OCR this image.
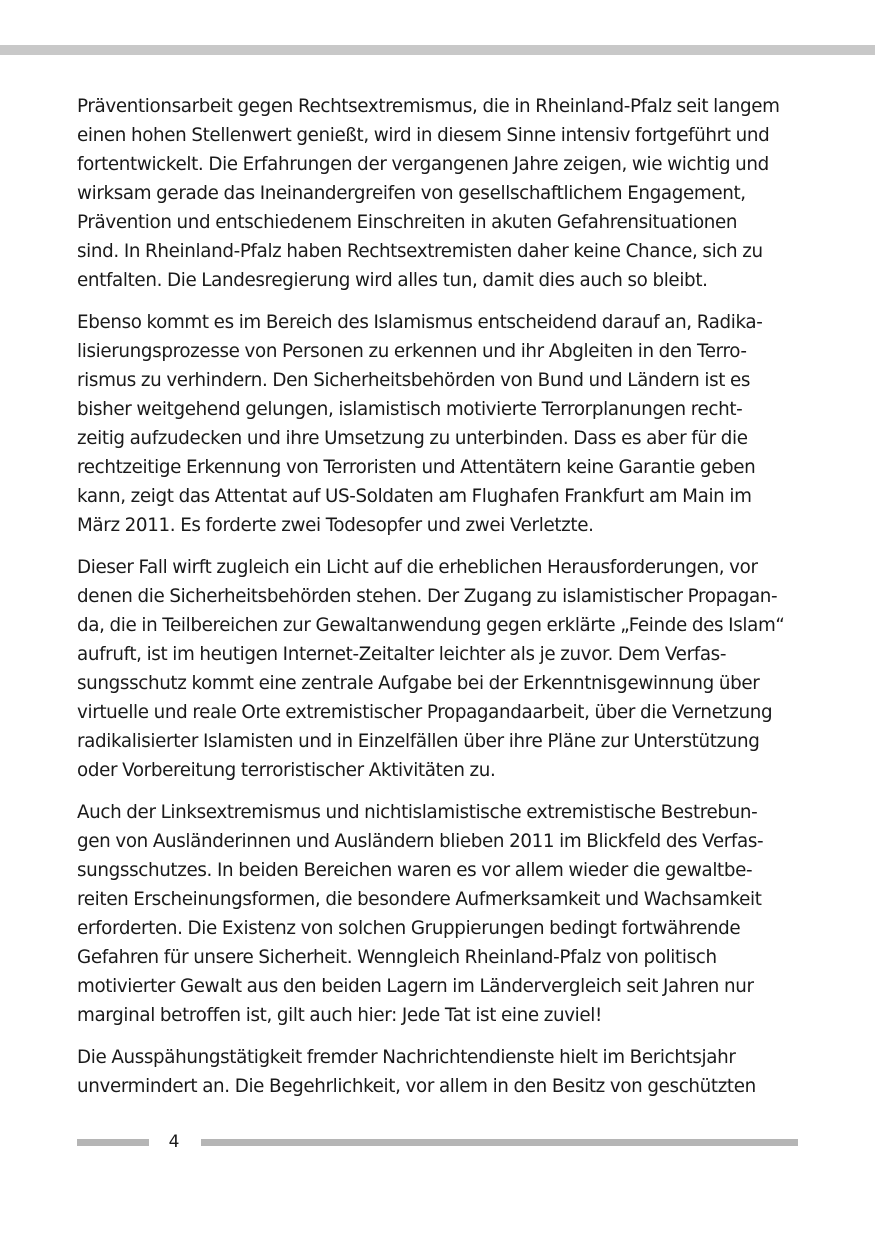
Präventionsarbeit gegen Rechtsextremismus, die in Rheinland-Pfalz seit langem
einen hohen Stellenwert genießt, wird in diesem Sinne intensiv fortgeführt und
fortentwickelt. Die Erfahrungen der vergangenen Jahre zeigen, wie wichtig und
wirksam gerade das Ineinandergreifen von gesellschaftlichem Engagement,
Prävention und entschiedenem Einschreiten in akuten Gefahrensituationen
sind. In Rheinland-Pfalz haben Rechtsextremisten daher keine Chance, sich zu
entfalten. Die Landesregierung wird alles tun, damit dies auch so bleibt.

Ebenso kommt es im Bereich des Islamismus entscheidend darauf an, Radika-
lisierungsprozesse von Personen zu erkennen und ihr Abgleiten in den Terro-
rismus zu verhindern. Den Sicherheitsbehörden von Bund und Ländern ist es
bisher weitgehend gelungen, islamistisch motivierte Terrorplanungen recht-
zeitig aufzudecken und ihre Umsetzung zu unterbinden. Dass es aber für die
rechtzeitige Erkennung von Terroristen und Attentätern keine Garantie geben
kann, zeigt das Attentat auf US-Soldaten am Flughafen Frankfurt am Main im
März 2011. Es forderte zwei Todesopfer und zwei Verletzte.

Dieser Fall wirft zugleich ein Licht auf die erheblichen Herausforderungen, vor
denen die Sicherheitsbehörden stehen. Der Zugang zu islamistischer Propagan-
da, die in Teilbereichen zur Gewaltanwendung gegen erklärte „Feinde des Islam“
aufruft, ist im heutigen Internet-Zeitalter leichter als je zuvor. Dem Verfas-
sungsschutz kommt eine zentrale Aufgabe bei der Erkenntnisgewinnung über
virtuelle und reale Orte extremistischer Propagandaarbeit, über die Vernetzung
radikalisierter Islamisten und in Einzelfällen über ihre Pläne zur Unterstützung
oder Vorbereitung terroristischer Aktivitäten zu.

Auch der Linksextremismus und nichtislamistische extremistische Bestrebun-
gen von Ausländerinnen und Ausländern blieben 2011 im Blickfeld des Verfas-
sungsschutzes. In beiden Bereichen waren es vor allem wieder die gewaltbe-
reiten Erscheinungsformen, die besondere Aufmerksamkeit und Wachsamkeit
erforderten. Die Existenz von solchen Gruppierungen bedingt fortwährende
Gefahren für unsere Sicherheit. Wenngleich Rheinland-Pfalz von politisch
motivierter Gewalt aus den beiden Lagern im Ländervergleich seit Jahren nur
marginal betroffen ist, gilt auch hier: Jede Tat ist eine zuviel!

Die Ausspähungstätigkeit fremder Nachrichtendienste hielt im Berichtsjahr
unvermindert an. Die Begehrlichkeit, vor allem in den Besitz von geschützten

4
